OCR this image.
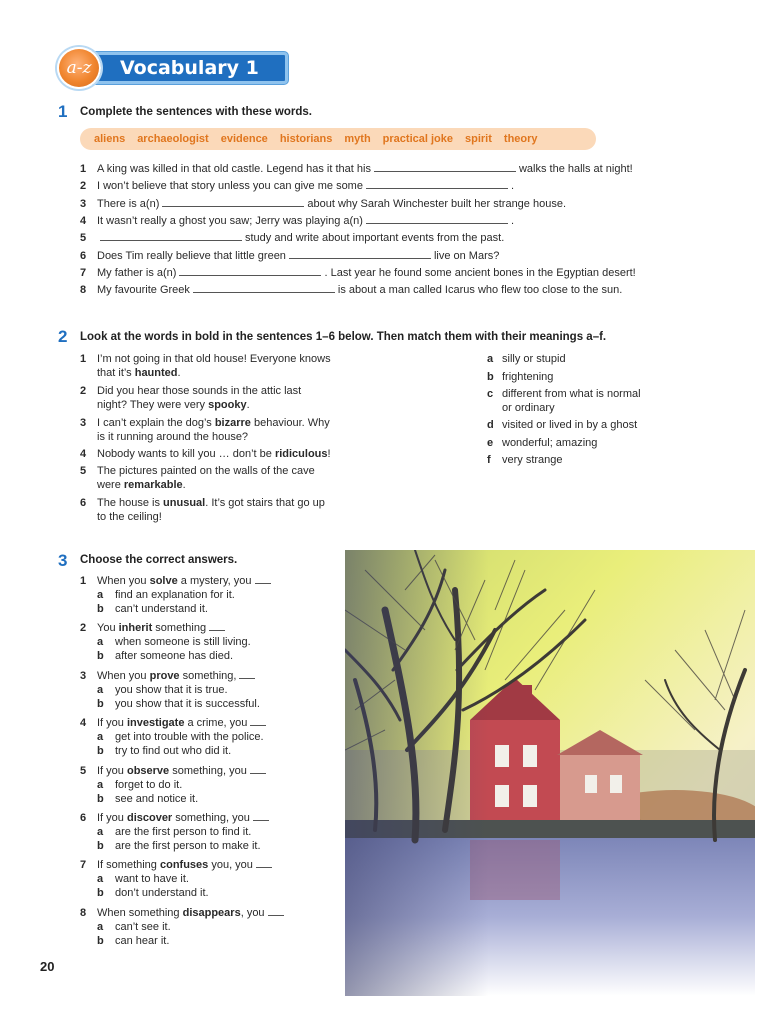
Vocabulary 1
a-z
1 Complete the sentences with these words.
aliens archaeologist evidence historians myth practical joke spirit theory
1 A king was killed in that old castle. Legend has it that his	walks the halls at night!
2 I won’t believe that story unless you can give me some	.
3 There is a(n)	about why Sarah Winchester built her strange house.
4 It wasn’t really a ghost you saw; Jerry was playing a(n)	.
5	study and write about important events from the past.
6 Does Tim really believe that little green	live on Mars?
7 My father is a(n)	. Last year he found some ancient bones in the Egyptian desert!
8 My favourite Greek	is about a man called Icarus who flew too close to the sun.
2 Look at the words in bold in the sentences 1–6 below. Then match them with their meanings a–f.
1 I’m not going in that old house! Everyone knows
that it’s haunted.
2 Did you hear those sounds in the attic last
night? They were very spooky.
3 I can’t explain the dog’s bizarre behaviour. Why
is it running around the house?
4 Nobody wants to kill you … don’t be ridiculous!
5 The pictures painted on the walls of the cave
were remarkable.
6 The house is unusual. It’s got stairs that go up
to the ceiling!
a silly or stupid
b frightening
c different from what is normal
or ordinary
d visited or lived in by a ghost
e wonderful; amazing
f very strange
3 Choose the correct answers.
1 When you solve a mystery, you
a find an explanation for it.
b can’t understand it.
2 You inherit something
a when someone is still living.
b after someone has died.
3 When you prove something,
a you show that it is true.
b you show that it is successful.
4 If you investigate a crime, you
a get into trouble with the police.
b try to find out who did it.
5 If you observe something, you
a forget to do it.
b see and notice it.
6 If you discover something, you
a are the first person to find it.
b are the first person to make it.
7 If something confuses you, you
a want to have it.
b don’t understand it.
8 When something disappears, you
a can’t see it.
b can hear it.
20
